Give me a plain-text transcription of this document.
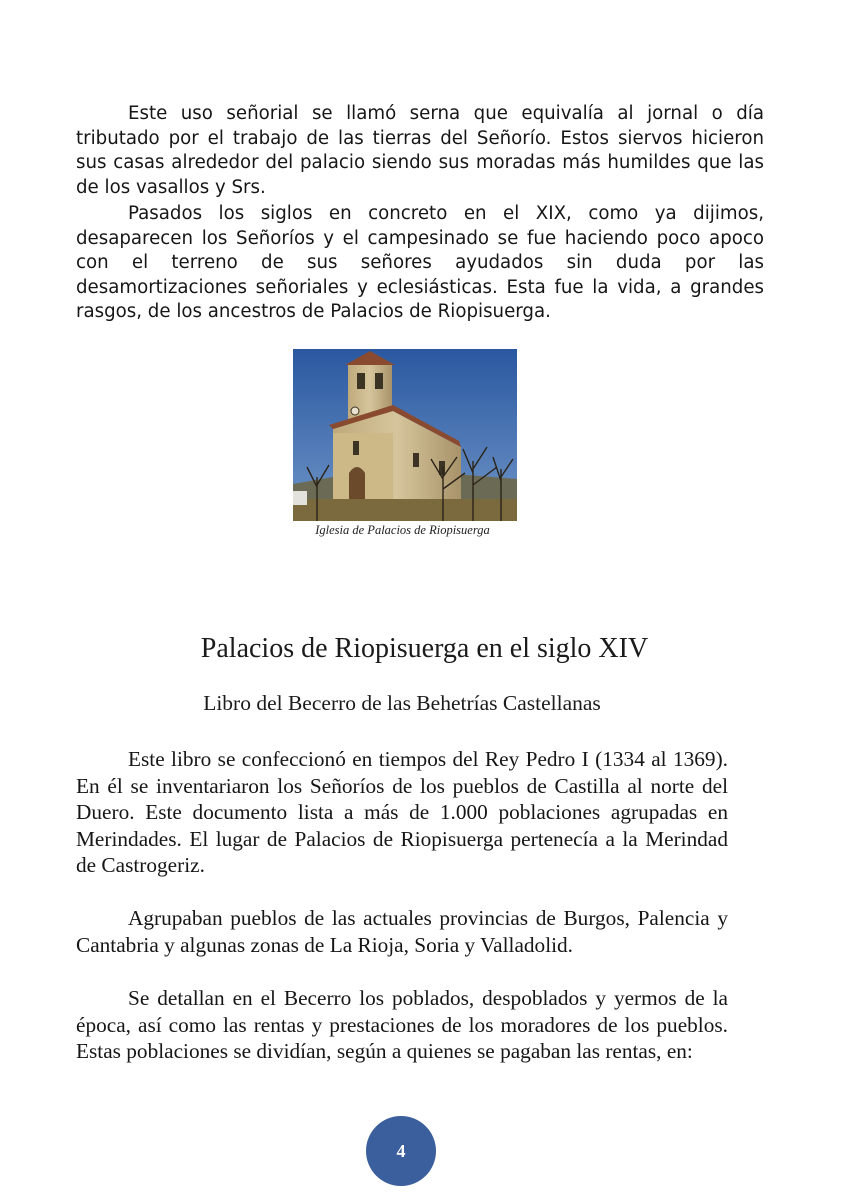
Este uso señorial se llamó serna que equivalía al jornal o día tributado por el trabajo de las tierras del Señorío. Estos siervos hicieron sus casas alrededor del palacio siendo sus moradas más humildes que las de los vasallos y Srs.

Pasados los siglos en concreto en el XIX, como ya dijimos, desaparecen los Señoríos y el campesinado se fue haciendo poco apoco con el terreno de sus señores ayudados sin duda por las desamortizaciones señoriales y eclesiásticas. Esta fue la vida, a grandes rasgos, de los ancestros de Palacios de Riopisuerga.

Iglesia de Palacios de Riopisuerga
Palacios de Riopisuerga en el siglo XIV
Libro del Becerro de las Behetrías Castellanas

Este libro se confeccionó en tiempos del Rey Pedro I (1334 al 1369). En él se inventariaron los Señoríos de los pueblos de Castilla al norte del Duero. Este documento lista a más de 1.000 poblaciones agrupadas en Merindades. El lugar de Palacios de Riopisuerga pertenecía a la Merindad de Castrogeriz.

Agrupaban pueblos de las actuales provincias de Burgos, Palencia y Cantabria y algunas zonas de La Rioja, Soria y Valladolid.

Se detallan en el Becerro los poblados, despoblados y yermos de la época, así como las rentas y prestaciones de los moradores de los pueblos. Estas poblaciones se dividían, según a quienes se pagaban las rentas, en:

4
